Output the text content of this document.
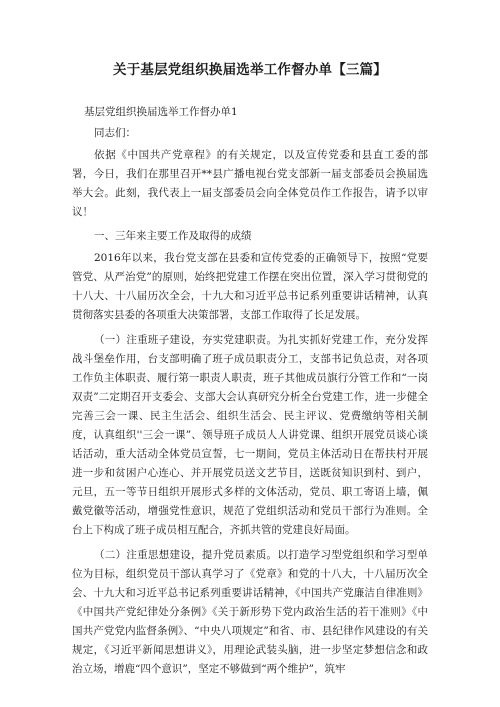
关于基层党组织换届选举工作督办单【三篇】
基层党组织换届选举工作督办单1
同志们：

依据《中国共产党章程》的有关规定，以及宣传党委和县直工委的部署，今日，我们在那里召开**县广播电视台党支部新一届支部委员会换届选举大会。此刻，我代表上一届支部委员会向全体党员作工作报告，请予以审议！

一、三年来主要工作及取得的成绩

2016年以来，我台党支部在县委和宣传党委的正确领导下，按照“党要管党、从严治党”的原则，始终把党建工作摆在突出位置，深入学习贯彻党的十八大、十八届历次全会，十九大和习近平总书记系列重要讲话精神，认真贯彻落实县委的各项重大决策部署，支部工作取得了长足发展。

（一）注重班子建设，夯实党建职责。为扎实抓好党建工作，充分发挥战斗堡垒作用，台支部明确了班子成员职责分工，支部书记负总责，对各项工作负主体职责、履行第一职责人职责，班子其他成员旗行分管工作和“一岗双责”二定期召开支委会、支部大会认真研究分析全台党建工作，进一步健全完善三会一课、民主生活会、组织生活会、民主评议、党费缴纳等相关制度，认真组织''三会一课”、领导班子成员人人讲党课、组织开展党员谈心谈话活动，重大活动全体党员宣誓，七一期间，党员主体活动日在帮扶村开展进一步和贫困户心连心、并开展党员送文艺节目，送既贫知识到村、到户，元旦，五一等节日组织开展形式多样的文体活动，党员、职工寄语上墙，佩戴党徽等活动，增强党性意识，规范了党组织活动和党员干部行为准则。全台上下构成了班子成员相互配合，齐抓共管的党建良好局面。

（二）注重思想建设，提升党员素质。以打造学习型党组织和学习型单位为目标，组织党员干部认真学习了《党章》和党的十八大，十八届历次全会、十九大和习近平总书记系列重要讲话精神，《中国共产党廉洁自律准则》《中国共产党纪律处分条例》《关于新形势下党内政治生活的若干准则》《中国共产党党内监督条例》、“中央八项规定”和省、市、县纪律作风建设的有关规定，《习近平新闻思想讲义》，用理论武装头脑，进一步坚定梦想信念和政治立场，增鹿“四个意识”，坚定不够做到“两个维护”，筑牢
